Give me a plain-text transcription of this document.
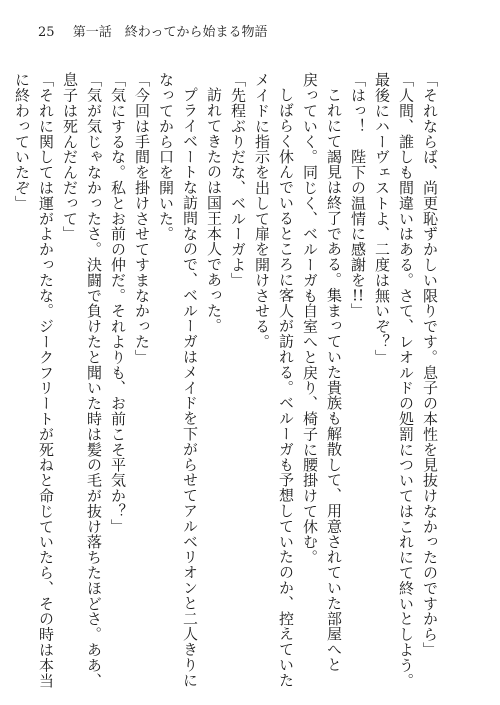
25 第一話　終わってから始まる物語
「それならば、尚更恥ずかしい限りです。息子の本性を見抜けなかったのですから」
「人間、誰しも間違いはある。さて、レオルドの処罰についてはこれにて終いとしよう。
最後にハーヴェストよ、二度は無いぞ？」
「はっ！　陛下の温情に感謝を!!」
これにて謁見は終了である。集まっていた貴族も解散して、用意されていた部屋へと
戻っていく。同じく、ベルーガも自室へと戻り、椅子に腰掛けて休む。
しばらく休んでいるところに客人が訪れる。ベルーガも予想していたのか、控えていた
メイドに指示を出して扉を開けさせる。
「先程ぶりだな、ベルーガよ」
訪れてきたのは国王本人であった。
プライベートな訪問なので、ベルーガはメイドを下がらせてアルベリオンと二人きりに
なってから口を開いた。
「今回は手間を掛けさせてすまなかった」
「気にするな。私とお前の仲だ。それよりも、お前こそ平気か？」
「気が気じゃなかったさ。決闘で負けたと聞いた時は髪の毛が抜け落ちたほどさ。ああ、
息子は死んだんだって」
「それに関しては運がよかったな。ジークフリートが死ねと命じていたら、その時は本当
に終わっていたぞ」
